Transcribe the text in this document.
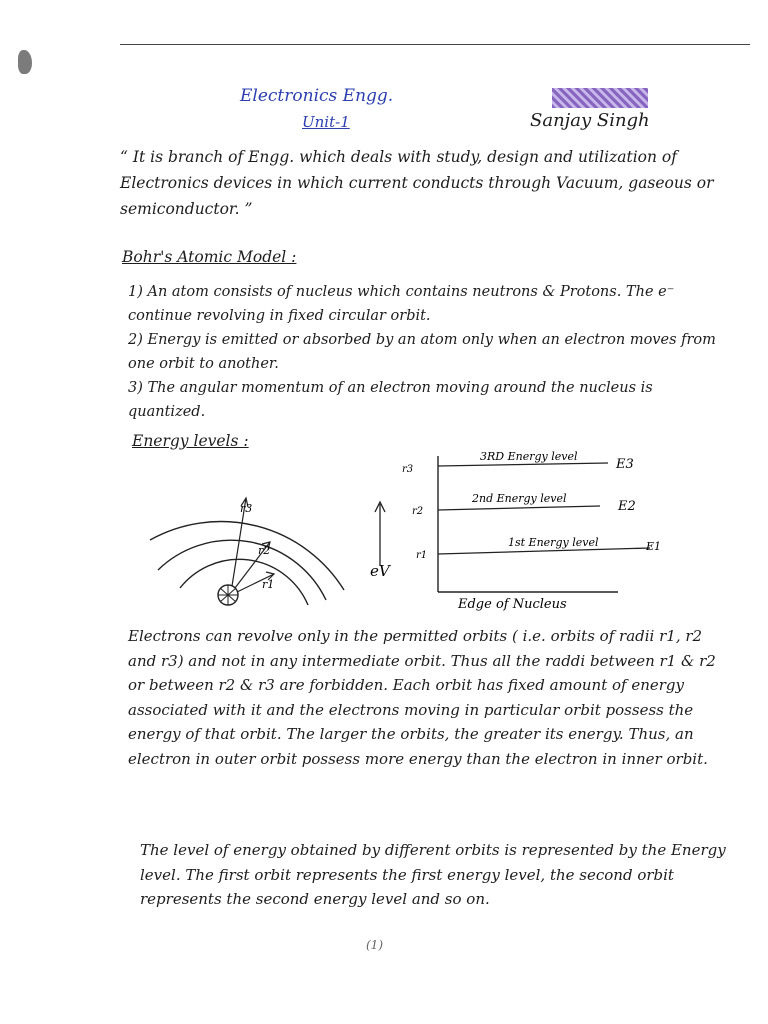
Electronics Engg.
Unit-1	Sanjay Singh
“ It is branch of Engg. which deals with study, design and utilization of Electronics devices in which current conducts through Vacuum, gaseous or semiconductor. ”
Bohr's Atomic Model :

1) An atom consists of nucleus which contains neutrons & Protons. The e⁻ continue revolving in fixed circular orbit.

2) Energy is emitted or absorbed by an atom only when an electron moves from one orbit to another.

3) The angular momentum of an electron moving around the nucleus is quantized.

Energy levels :
r3
r2
r1
eV
r3
r2
r1
3RD Energy level
2nd Energy level
1st Energy level
E3
E2
E1
Edge of Nucleus
Electrons can revolve only in the permitted orbits ( i.e. orbits of radii r1, r2 and r3) and not in any intermediate orbit. Thus all the raddi between r1 & r2 or between r2 & r3 are forbidden. Each orbit has fixed amount of energy associated with it and the electrons moving in particular orbit possess the energy of that orbit. The larger the orbits, the greater its energy. Thus, an electron in outer orbit possess more energy than the electron in inner orbit.
The level of energy obtained by different orbits is represented by the Energy level. The first orbit represents the first energy level, the second orbit represents the second energy level and so on.
(1)
